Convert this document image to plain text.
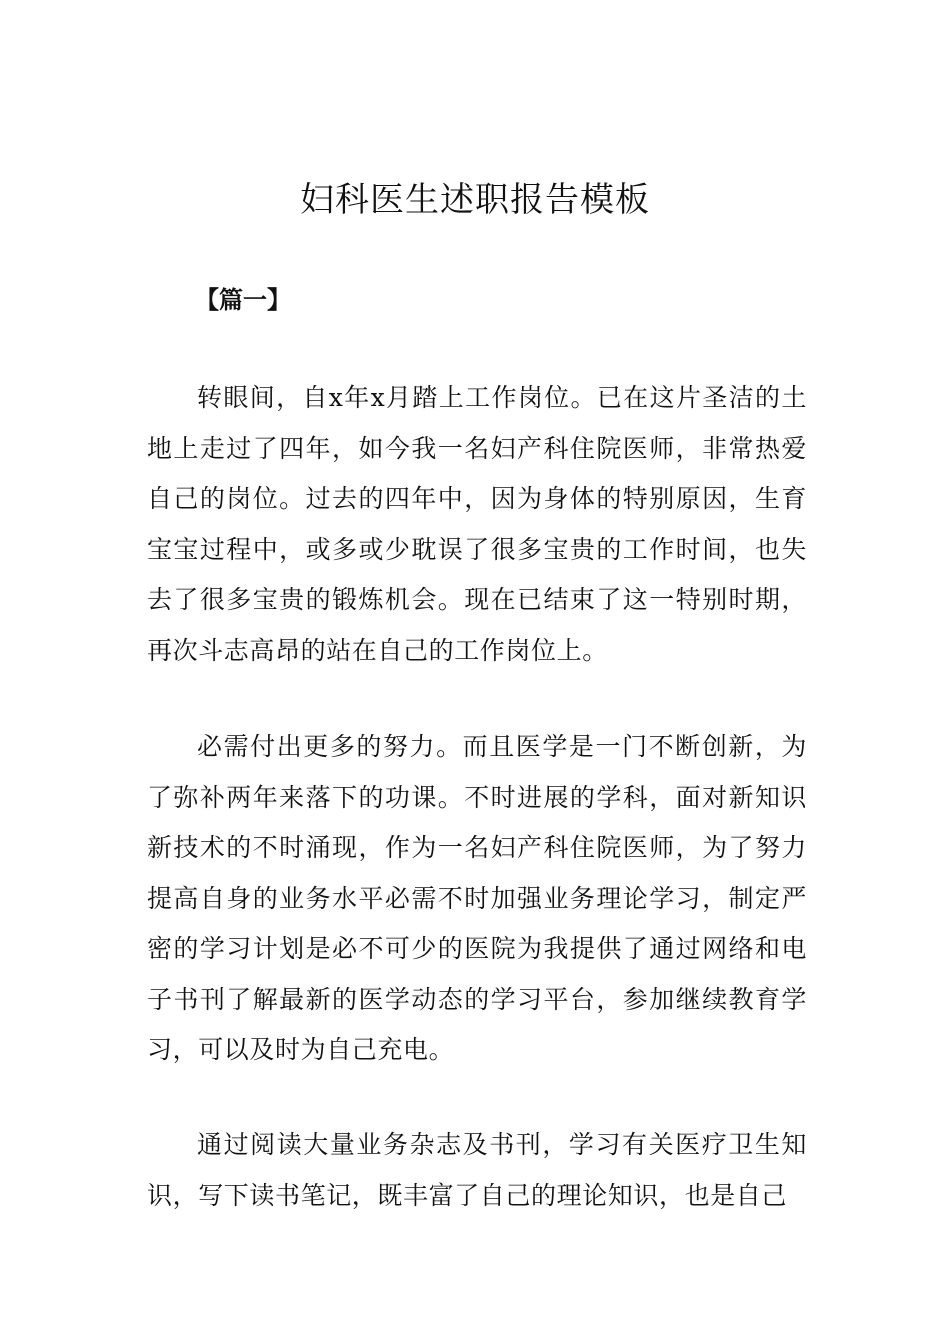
妇科医生述职报告模板
【篇一】

转眼间，自x年x月踏上工作岗位。已在这片圣洁的土地上走过了四年，如今我一名妇产科住院医师，非常热爱自己的岗位。过去的四年中，因为身体的特别原因，生育宝宝过程中，或多或少耽误了很多宝贵的工作时间，也失去了很多宝贵的锻炼机会。现在已结束了这一特别时期，再次斗志高昂的站在自己的工作岗位上。

必需付出更多的努力。而且医学是一门不断创新，为了弥补两年来落下的功课。不时进展的学科，面对新知识新技术的不时涌现，作为一名妇产科住院医师，为了努力提高自身的业务水平必需不时加强业务理论学习，制定严密的学习计划是必不可少的医院为我提供了通过网络和电子书刊了解最新的医学动态的学习平台，参加继续教育学习，可以及时为自己充电。

通过阅读大量业务杂志及书刊，学习有关医疗卫生知识，写下读书笔记，既丰富了自己的理论知识，也是自己
